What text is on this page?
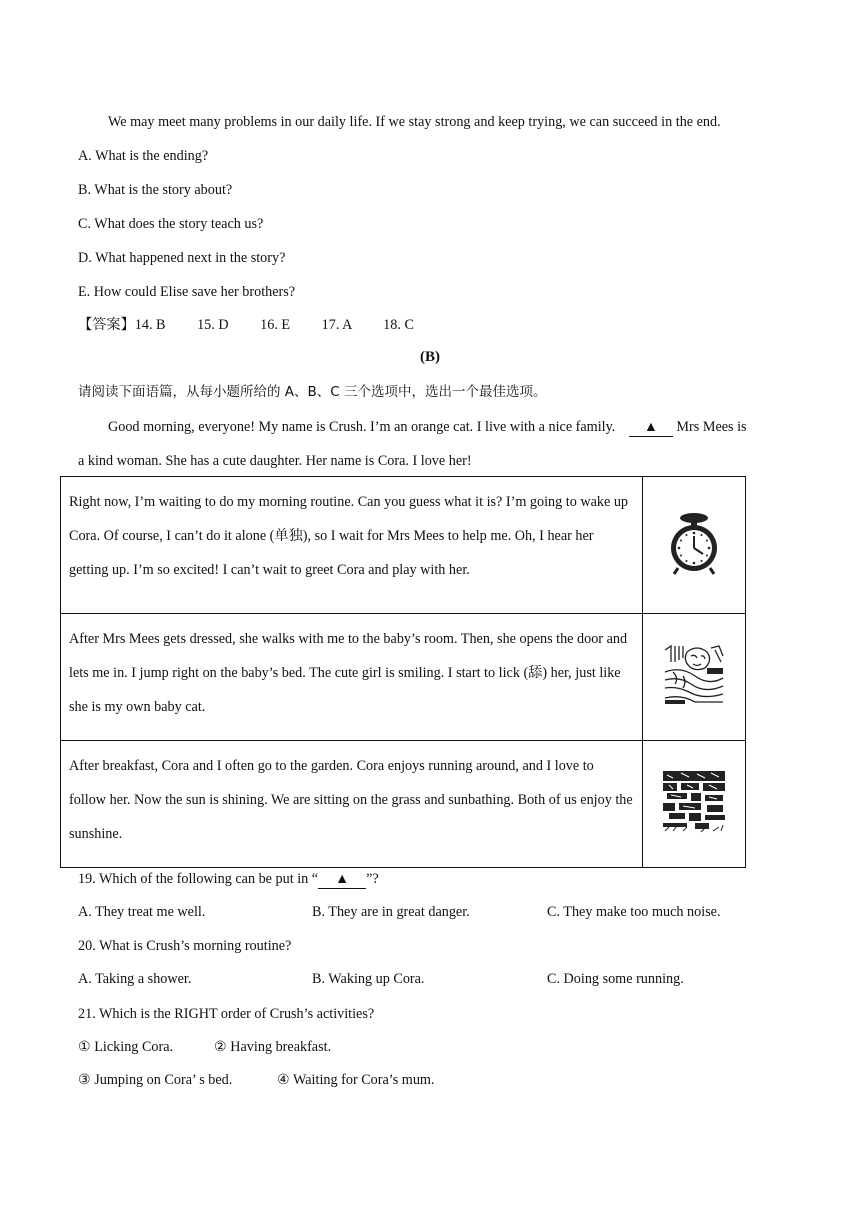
We may meet many problems in our daily life. If we stay strong and keep trying, we can succeed in the end.
A. What is the ending?
B. What is the story about?
C. What does the story teach us?
D. What happened next in the story?
E. How could Elise save her brothers?
【答案】14. B 15. D 16. E 17. A 18. C
(B)
请阅读下面语篇，从每小题所给的 A、B、C 三个选项中，选出一个最佳选项。
Good morning, everyone! My name is Crush. I’m an orange cat. I live with a nice family. ▲ Mrs Mees is
a kind woman. She has a cute daughter. Her name is Cora. I love her!
Right now, I’m waiting to do my morning routine. Can you guess what it is? I’m going to wake up Cora. Of course, I can’t do it alone (单独), so I wait for Mrs Mees to help me. Oh, I hear her getting up. I’m so excited! I can’t wait to greet Cora and play with her.	
After Mrs Mees gets dressed, she walks with me to the baby’s room. Then, she opens the door and lets me in. I jump right on the baby’s bed. The cute girl is smiling. I start to lick (舔) her, just like she is my own baby cat.	
After breakfast, Cora and I often go to the garden. Cora enjoys running around, and I love to follow her. Now the sun is shining. We are sitting on the grass and sunbathing. Both of us enjoy the sunshine.	
19. Which of the following can be put in “ ▲ ”?
A. They treat me well.	B. They are in great danger.	C. They make too much noise.
20. What is Crush’s morning routine?
A. Taking a shower.	B. Waking up Cora.	C. Doing some running.
21. Which is the RIGHT order of Crush’s activities?
① Licking Cora.	② Having breakfast.
③ Jumping on Cora’ s bed.	④ Waiting for Cora’s mum.
